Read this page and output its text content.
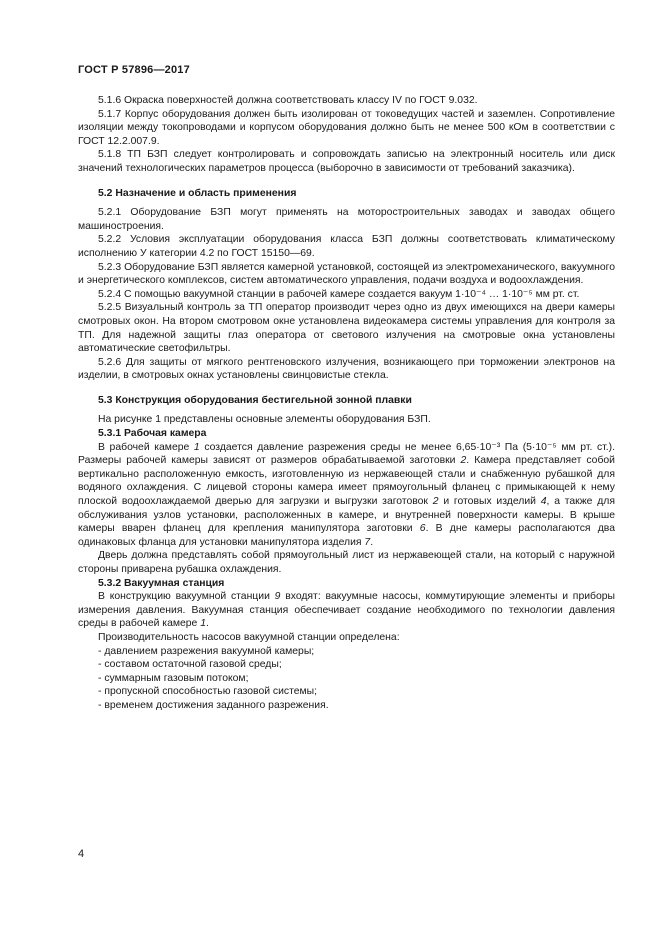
ГОСТ Р 57896—2017

5.1.6 Окраска поверхностей должна соответствовать классу IV по ГОСТ 9.032.

5.1.7 Корпус оборудования должен быть изолирован от токоведущих частей и заземлен. Сопротивление изоляции между токопроводами и корпусом оборудования должно быть не менее 500 кОм в соответствии с ГОСТ 12.2.007.9.

5.1.8 ТП БЗП следует контролировать и сопровождать записью на электронный носитель или диск значений технологических параметров процесса (выборочно в зависимости от требований заказчика).

5.2 Назначение и область применения

5.2.1 Оборудование БЗП могут применять на моторостроительных заводах и заводах общего машиностроения.

5.2.2 Условия эксплуатации оборудования класса БЗП должны соответствовать климатическому исполнению У категории 4.2 по ГОСТ 15150—69.

5.2.3 Оборудование БЗП является камерной установкой, состоящей из электромеханического, вакуумного и энергетического комплексов, систем автоматического управления, подачи воздуха и водоохлаждения.

5.2.4 С помощью вакуумной станции в рабочей камере создается вакуум 1·10⁻⁴ … 1·10⁻⁵ мм рт. ст.

5.2.5 Визуальный контроль за ТП оператор производит через одно из двух имеющихся на двери камеры смотровых окон. На втором смотровом окне установлена видеокамера системы управления для контроля за ТП. Для надежной защиты глаз оператора от светового излучения на смотровые окна установлены автоматические светофильтры.

5.2.6 Для защиты от мягкого рентгеновского излучения, возникающего при торможении электронов на изделии, в смотровых окнах установлены свинцовистые стекла.

5.3 Конструкция оборудования бестигельной зонной плавки

На рисунке 1 представлены основные элементы оборудования БЗП.

5.3.1 Рабочая камера

В рабочей камере 1 создается давление разрежения среды не менее 6,65·10⁻³ Па (5·10⁻⁵ мм рт. ст.). Размеры рабочей камеры зависят от размеров обрабатываемой заготовки 2. Камера представляет собой вертикально расположенную емкость, изготовленную из нержавеющей стали и снабженную рубашкой для водяного охлаждения. С лицевой стороны камера имеет прямоугольный фланец с примыкающей к нему плоской водоохлаждаемой дверью для загрузки и выгрузки заготовок 2 и готовых изделий 4, а также для обслуживания узлов установки, расположенных в камере, и внутренней поверхности камеры. В крыше камеры вварен фланец для крепления манипулятора заготовки 6. В дне камеры располагаются два одинаковых фланца для установки манипулятора изделия 7.

Дверь должна представлять собой прямоугольный лист из нержавеющей стали, на который с наружной стороны приварена рубашка охлаждения.

5.3.2 Вакуумная станция

В конструкцию вакуумной станции 9 входят: вакуумные насосы, коммутирующие элементы и приборы измерения давления. Вакуумная станция обеспечивает создание необходимого по технологии давления среды в рабочей камере 1.

Производительность насосов вакуумной станции определена:

- давлением разрежения вакуумной камеры;
- составом остаточной газовой среды;
- суммарным газовым потоком;
- пропускной способностью газовой системы;
- временем достижения заданного разрежения.
4
